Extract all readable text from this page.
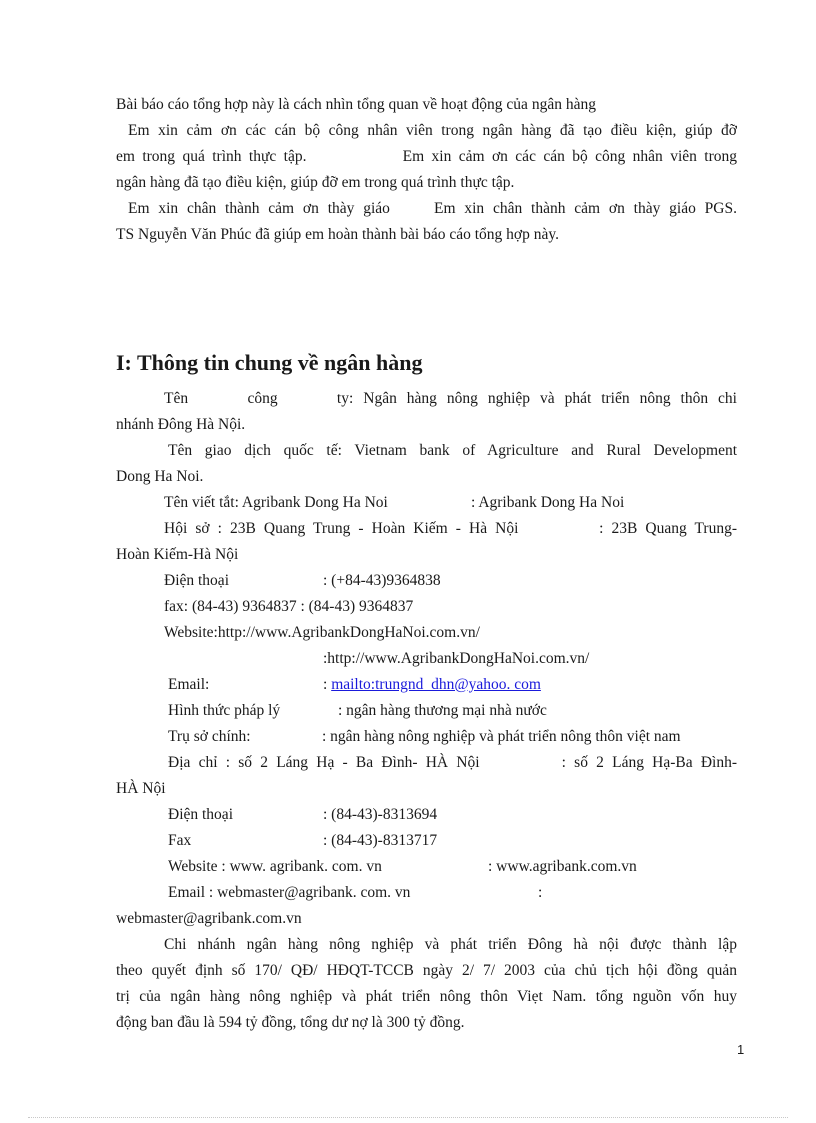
Bài báo cáo tổng hợp này là cách nhìn tổng quan về hoạt động của ngân hàng
Em xin cảm ơn các cán bộ công nhân viên trong ngân hàng đã tạo điều kiện, giúp đỡ
em trong quá trình thực tập.	Em xin cảm ơn các cán bộ công nhân viên trong
ngân hàng đã tạo điều kiện, giúp đỡ em trong quá trình thực tập.
Em xin chân thành cảm ơn thày giáo	Em xin chân thành cảm ơn thày giáo PGS.
TS Nguyễn Văn Phúc đã giúp em hoàn thành bài báo cáo tổng hợp này.
I: Thông tin chung về ngân hàng
Tên công ty: Ngân hàng nông nghiệp và phát triển nông thôn chi
nhánh Đông Hà Nội.
Tên giao dịch quốc tế: Vietnam bank of Agriculture and Rural Development
Dong Ha Noi.
Tên viết tắt: Agribank Dong Ha Noi	: Agribank Dong Ha Noi
Hội sở : 23B Quang Trung - Hoàn Kiếm - Hà Nội	: 23B Quang Trung-
Hoàn Kiếm-Hà Nội
Điện thoại	: (+84-43)9364838
fax: (84-43) 9364837 : (84-43) 9364837
Website:http://www.AgribankDongHaNoi.com.vn/
:http://www.AgribankDongHaNoi.com.vn/
Email:	: mailto:trungnd_dhn@yahoo. com
Hình thức pháp lý	: ngân hàng thương mại nhà nước
Trụ sở chính:	: ngân hàng nông nghiệp và phát triển nông thôn việt nam
Địa chỉ : số 2 Láng Hạ - Ba Đình- HÀ Nội	: số 2 Láng Hạ-Ba Đình-
HÀ Nội
Điện thoại	: (84-43)-8313694
Fax	: (84-43)-8313717
Website : www. agribank. com. vn	: www.agribank.com.vn
Email : webmaster@agribank. com. vn	:
webmaster@agribank.com.vn
Chi nhánh ngân hàng nông nghiệp và phát triển Đông hà nội được thành lập
theo quyết định số 170/ QĐ/ HĐQT-TCCB ngày 2/ 7/ 2003 của chủ tịch hội đồng quản
trị của ngân hàng nông nghiệp và phát triển nông thôn Viẹt Nam. tổng nguồn vốn huy
động ban đầu là 594 tỷ đồng, tổng dư nợ là 300 tỷ đồng.
1
